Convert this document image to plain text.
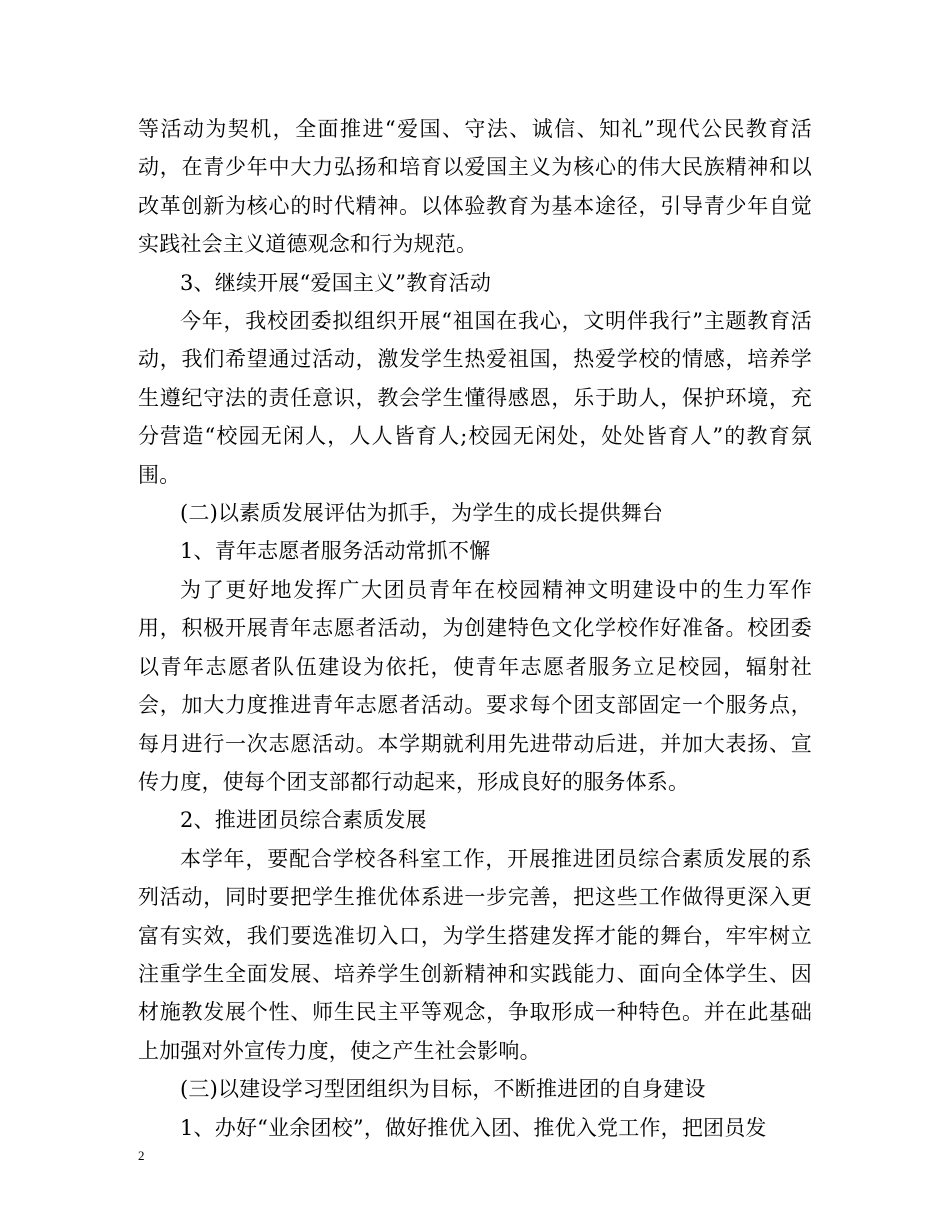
等活动为契机，全面推进“爱国、守法、诚信、知礼”现代公民教育活动，在青少年中大力弘扬和培育以爱国主义为核心的伟大民族精神和以改革创新为核心的时代精神。以体验教育为基本途径，引导青少年自觉实践社会主义道德观念和行为规范。

3、继续开展“爱国主义”教育活动

今年，我校团委拟组织开展“祖国在我心，文明伴我行”主题教育活动，我们希望通过活动，激发学生热爱祖国，热爱学校的情感，培养学生遵纪守法的责任意识，教会学生懂得感恩，乐于助人，保护环境，充分营造“校园无闲人，人人皆育人;校园无闲处，处处皆育人”的教育氛围。

(二)以素质发展评估为抓手，为学生的成长提供舞台

1、青年志愿者服务活动常抓不懈

为了更好地发挥广大团员青年在校园精神文明建设中的生力军作用，积极开展青年志愿者活动，为创建特色文化学校作好准备。校团委以青年志愿者队伍建设为依托，使青年志愿者服务立足校园，辐射社会，加大力度推进青年志愿者活动。要求每个团支部固定一个服务点，每月进行一次志愿活动。本学期就利用先进带动后进，并加大表扬、宣传力度，使每个团支部都行动起来，形成良好的服务体系。

2、推进团员综合素质发展

本学年，要配合学校各科室工作，开展推进团员综合素质发展的系列活动，同时要把学生推优体系进一步完善，把这些工作做得更深入更富有实效，我们要选准切入口，为学生搭建发挥才能的舞台，牢牢树立注重学生全面发展、培养学生创新精神和实践能力、面向全体学生、因材施教发展个性、师生民主平等观念，争取形成一种特色。并在此基础上加强对外宣传力度，使之产生社会影响。

(三)以建设学习型团组织为目标，不断推进团的自身建设

1、办好“业余团校”，做好推优入团、推优入党工作，把团员发

2
